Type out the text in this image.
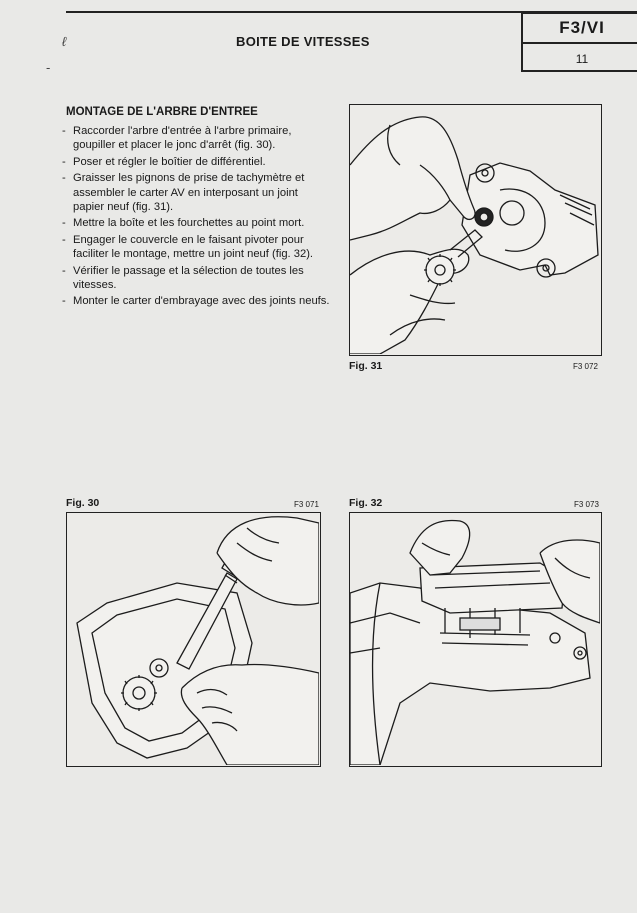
ℓ
-
BOITE DE VITESSES
F3/VI
11
MONTAGE DE L'ARBRE D'ENTREE
- Raccorder l'arbre d'entrée à l'arbre primaire, goupiller et placer le jonc d'arrêt (fig. 30).
- Poser et régler le boîtier de différentiel.
- Graisser les pignons de prise de tachymètre et assembler le carter AV en interposant un joint papier neuf (fig. 31).
- Mettre la boîte et les fourchettes au point mort.
- Engager le couvercle en le faisant pivoter pour faciliter le montage, mettre un joint neuf (fig. 32).
- Vérifier le passage et la sélection de toutes les vitesses.
- Monter le carter d'embrayage avec des joints neufs.
Fig. 31	F3 072
Fig. 30	F3 071	Fig. 32	F3 073
